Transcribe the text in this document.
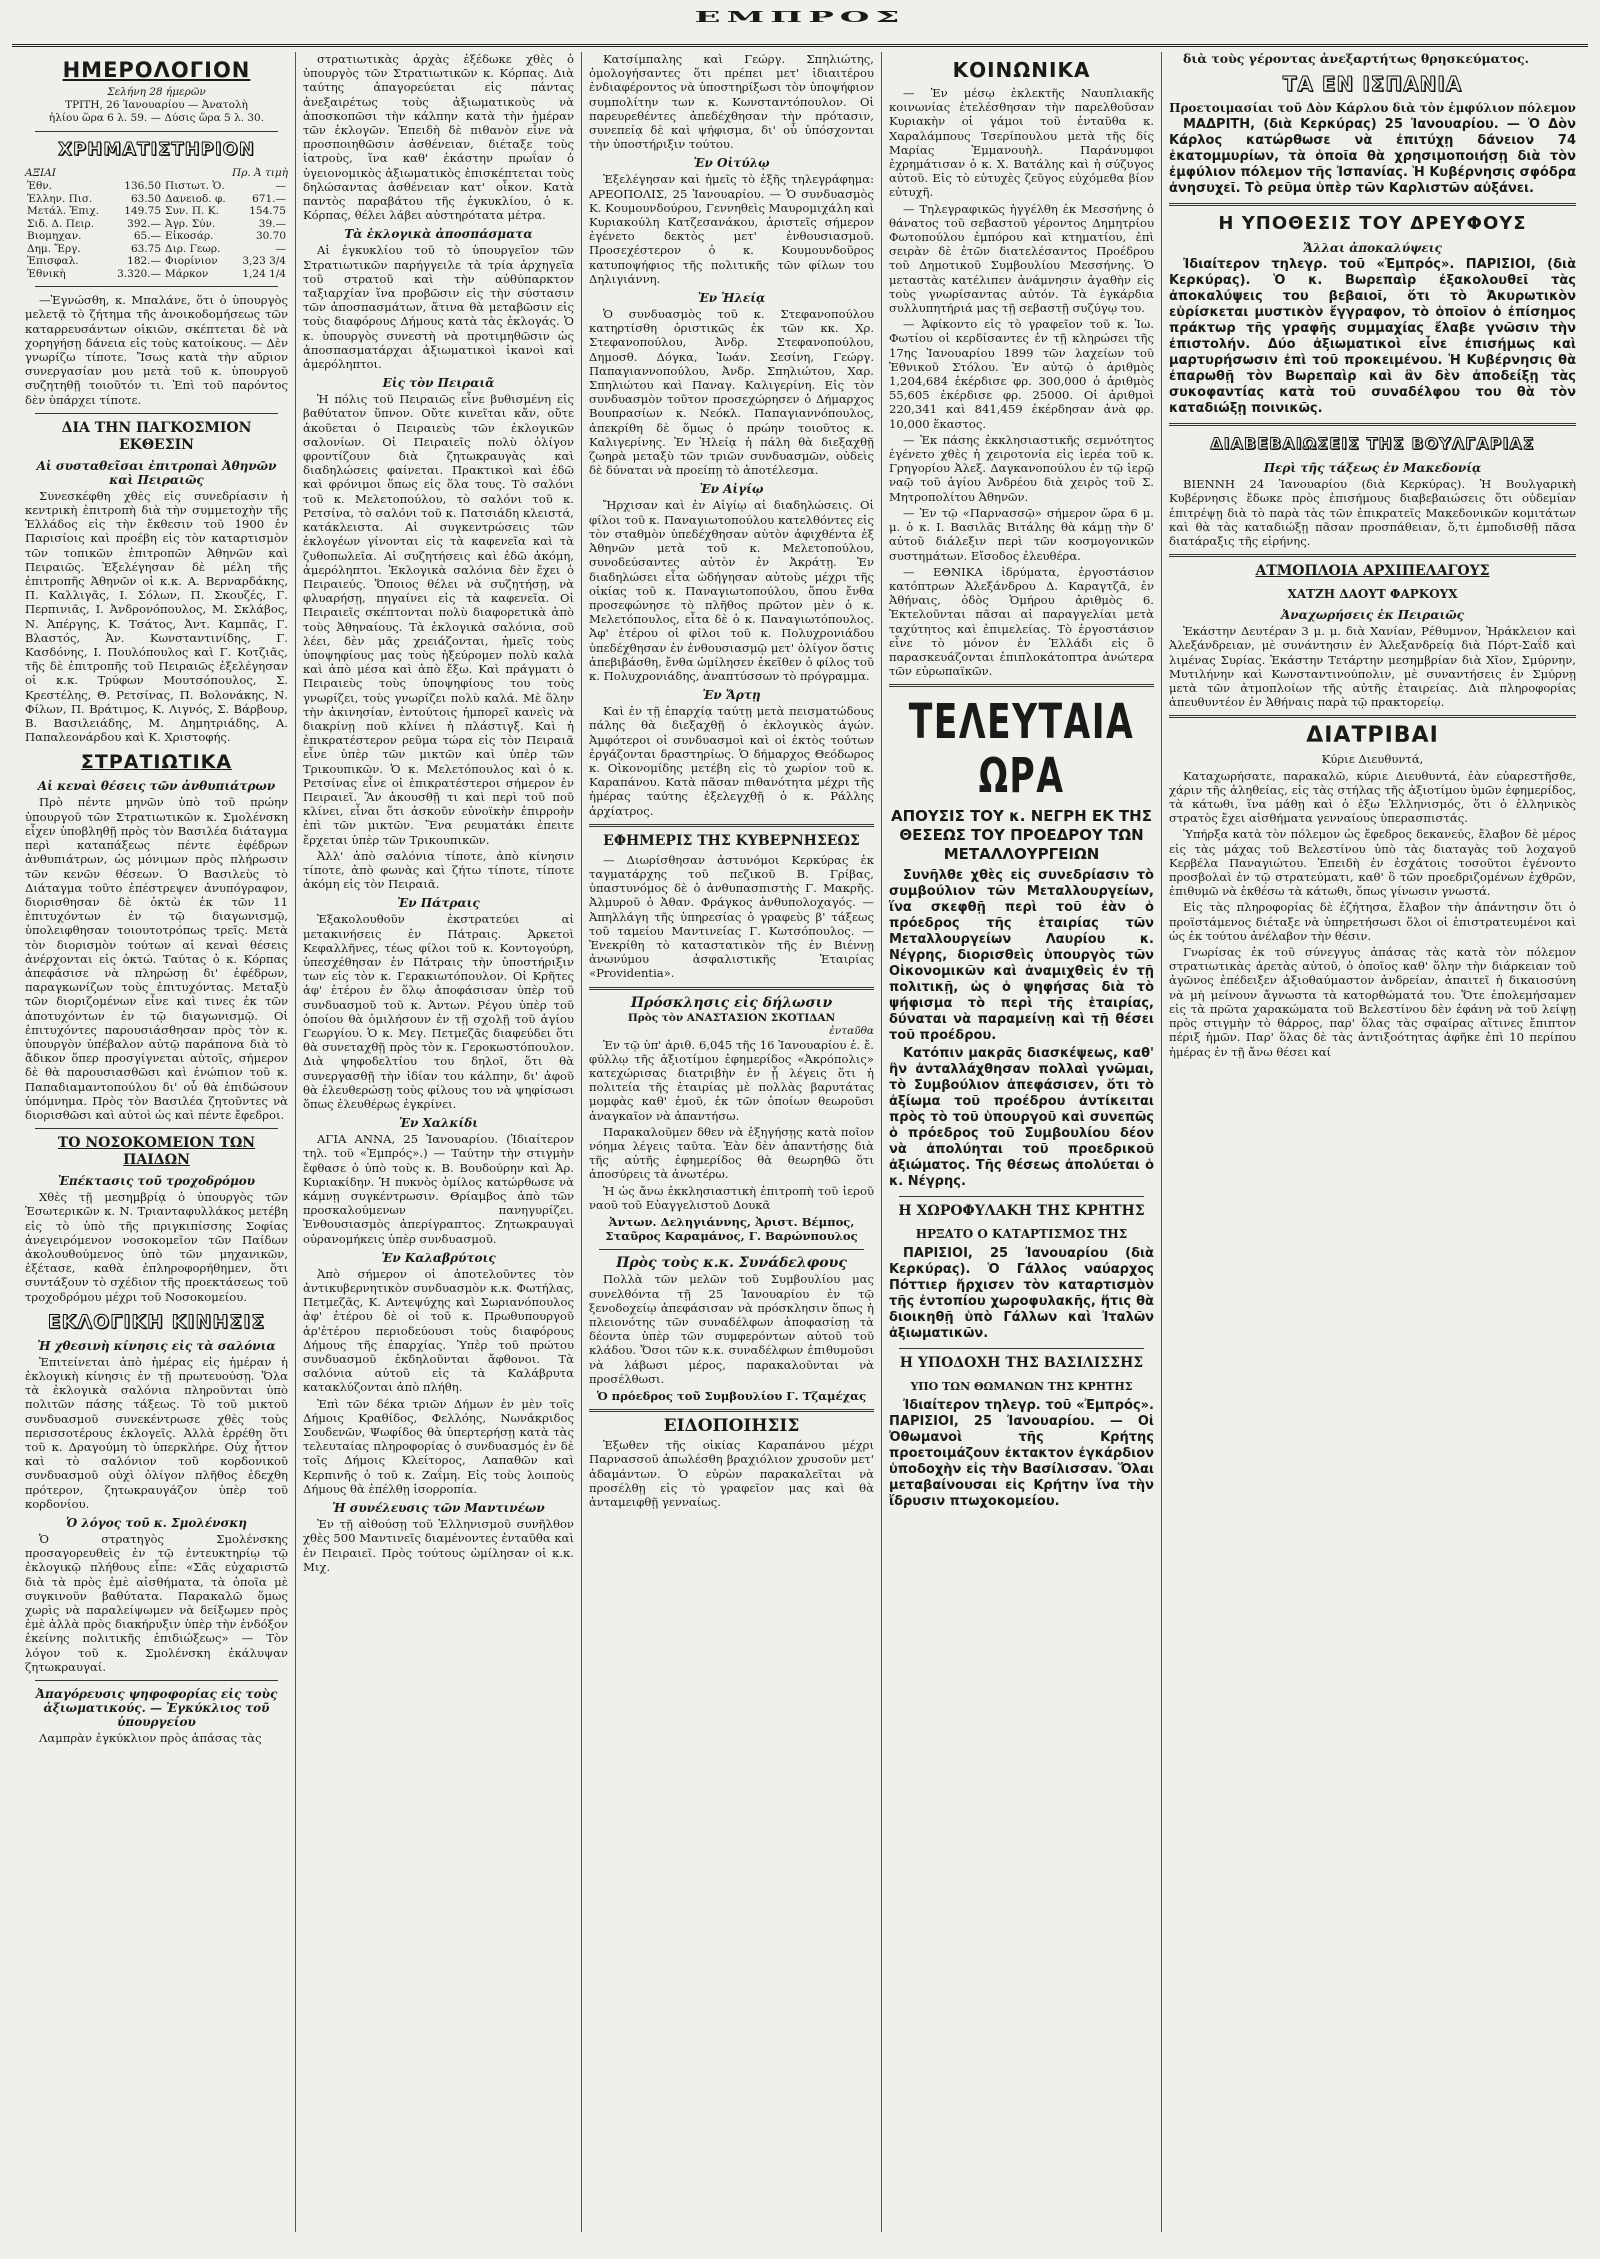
ΕΜΠΡΟΣ
ΗΜΕΡΟΛΟΓΙΟΝ
Σελήνη 28 ήμερῶν
ΤΡΙΤΗ, 26 Ἰανουαρίου — Ἀνατολὴ
ἡλίου ὥρα 6 λ. 59. — Δύσις ὥρα 5 λ. 30.
ΧΡΗΜΑΤΙΣΤΗΡΙΟΝ
ΑΞΙΑΙ	Πρ. Ἀ τιμὴ
Ἐθν.	136.50	Πιστωτ. Ὁ.	—
Ἐλλην. Πισ.	63.50	Δανειοδ. φ.	671.—
Μετάλ. Ἐπιχ.	149.75	Συν. Π. Κ.	154.75
Σιδ. Δ. Πειρ.	392.—	Ἀγρ. Σύν.	39.—
Βιομηχαν.	65.—	Εἰκοσάρ.	30.70
Δημ. Ἔργ.	63.75	Διρ. Γεωρ.	—
Ἐπισφαλ.	182.—	Φιορίνιον	3,23 3/4
Ἐθνικὴ	3.320.—	Μάρκον	1,24 1/4

—Ἐγνώσθη, κ. Μπαλάνε, ὅτι ὁ ὑπουργὸς μελετᾷ τὸ ζήτημα τῆς ἀνοικοδομήσεως τῶν καταρρευσάντων οἰκιῶν, σκέπτεται δὲ νὰ χορηγήσῃ δάνεια εἰς τοὺς κατοίκους. — Δὲν γνωρίζω τίποτε. Ἴσως κατὰ τὴν αὔριον συνεργασίαν μου μετὰ τοῦ κ. ὑπουργοῦ συζητηθῇ τοιοῦτόν τι. Ἐπὶ τοῦ παρόντος δὲν ὑπάρχει τίποτε.

ΔΙΑ ΤΗΝ ΠΑΓΚΟΣΜΙΟΝ ΕΚΘΕΣΙΝ
Αἱ συσταθεῖσαι ἐπιτροπαὶ Ἀθηνῶν καὶ Πειραιῶς

Συνεσκέφθη χθὲς εἰς συνεδρίασιν ἡ κεντρικὴ ἐπιτροπὴ διὰ τὴν συμμετοχὴν τῆς Ἑλλάδος εἰς τὴν ἔκθεσιν τοῦ 1900 ἐν Παρισίοις καὶ προέβη εἰς τὸν καταρτισμὸν τῶν τοπικῶν ἐπιτροπῶν Ἀθηνῶν καὶ Πειραιῶς. Ἐξελέγησαν δὲ μέλη τῆς ἐπιτροπῆς Ἀθηνῶν οἱ κ.κ. Α. Βερναρδάκης, Π. Καλλιγᾶς, Ι. Σόλων, Π. Σκουζές, Γ. Περπινιᾶς, Ι. Ἀνδρονόπουλος, Μ. Σκλάβος, Ν. Ἀπέργης, Κ. Τσάτος, Ἀντ. Καμπᾶς, Γ. Βλαστός, Ἀν. Κωνσταντινίδης, Γ. Κασδόνης, Ι. Πουλόπουλος καὶ Γ. Κοτζιᾶς, τῆς δὲ ἐπιτροπῆς τοῦ Πειραιῶς ἐξελέγησαν οἱ κ.κ. Τρύφων Μουτσόπουλος, Σ. Κρεστέλης, Θ. Ρετσίνας, Π. Βολονάκης, Ν. Φίλων, Π. Βράτιμος, Κ. Λιγνός, Σ. Βάρβουρ, Β. Βασιλειάδης, Μ. Δημητριάδης, Α. Παπαλεονάρδου καὶ Κ. Χριστοφής.

ΣΤΡΑΤΙΩΤΙΚΑ
Αἱ κεναὶ θέσεις τῶν ἀνθυπιάτρων

Πρὸ πέντε μηνῶν ὑπὸ τοῦ πρώην ὑπουργοῦ τῶν Στρατιωτικῶν κ. Σμολένσκη εἶχεν ὑποβληθῇ πρὸς τὸν Βασιλέα διάταγμα περὶ καταπάξεως πέντε ἐφέδρων ἀνθυπιάτρων, ὡς μόνιμων πρὸς πλήρωσιν τῶν κενῶν θέσεων. Ὁ Βασιλεὺς τὸ Διάταγμα τοῦτο ἐπέστρεψεν ἀνυπόγραφον, διορισθησαν δὲ ὀκτὼ ἐκ τῶν 11 ἐπιτυχόντων ἐν τῷ διαγωνισμῷ, ὑπολειφθησαν τοιουτοτρόπως τρεῖς. Μετὰ τὸν διορισμὸν τούτων αἱ κεναὶ θέσεις ἀνέρχονται εἰς ὀκτώ. Ταύτας ὁ κ. Κόρπας ἀπεφάσισε νὰ πληρώσῃ δι' ἐφέδρων, παραγκωνίζων τοὺς ἐπιτυχόντας. Μεταξὺ τῶν διοριζομένων εἶνε καὶ τινες ἐκ τῶν ἀποτυχόντων ἐν τῷ διαγωνισμῷ. Οἱ ἐπιτυχόντες παρουσιάσθησαν πρὸς τὸν κ. ὑπουργὸν ὑπέβαλον αὐτῷ παράπονα διὰ τὸ ἄδικον ὅπερ προσγίγνεται αὐτοῖς, σήμερον δὲ θὰ παρουσιασθῶσι καὶ ἐνώπιον τοῦ κ. Παπαδιαμαντοπούλου δι' οὗ θὰ ἐπιδώσουν ὑπόμνημα. Πρὸς τὸν Βασιλέα ζητοῦντες νὰ διορισθῶσι καὶ αὐτοὶ ὡς καὶ πέντε ἔφεδροι.

ΤΟ ΝΟΣΟΚΟΜΕΙΟΝ ΤΩΝ ΠΑΙΔΩΝ
Ἐπέκτασις τοῦ τροχοδρόμου

Χθὲς τῇ μεσημβρίᾳ ὁ ὑπουργὸς τῶν Ἐσωτερικῶν κ. Ν. Τριανταφυλλάκος μετέβη εἰς τὸ ὑπὸ τῆς πριγκιπίσσης Σοφίας ἀνεγειρόμενον νοσοκομεῖον τῶν Παίδων ἀκολουθούμενος ὑπὸ τῶν μηχανικῶν, ἐξέτασε, καθὰ ἐπληροφορήθημεν, ὅτι συντάξουν τὸ σχέδιον τῆς προεκτάσεως τοῦ τροχοδρόμου μέχρι τοῦ Νοσοκομείου.

ΕΚΛΟΓΙΚΗ ΚΙΝΗΣΙΣ
Ἡ χθεσινὴ κίνησις εἰς τὰ σαλόνια

Ἐπιτείνεται ἀπὸ ἡμέρας εἰς ἡμέραν ἡ ἐκλογικὴ κίνησις ἐν τῇ πρωτευούσῃ. Ὅλα τὰ ἐκλογικὰ σαλόνια πληροῦνται ὑπὸ πολιτῶν πάσης τάξεως. Τὸ τοῦ μικτοῦ συνδυασμοῦ συνεκέντρωσε χθὲς τοὺς περισσοτέρους ἐκλογεῖς. Ἀλλὰ ἐρρέθη ὅτι τοῦ κ. Δραγούμη τὸ ὑπερκλήρε. Οὐχ ἧττον καὶ τὸ σαλόνιον τοῦ κορδονικοῦ συνδυασμοῦ οὐχὶ ὀλίγον πλῆθος ἐδεχθη πρότερον, ζητωκραυγάζον ὑπὲρ τοῦ κορδονίου.

Ὁ λόγος τοῦ κ. Σμολένσκη

Ὁ στρατηγὸς Σμολένσκης προσαγορευθεὶς ἐν τῷ ἐντευκτηρίῳ τῷ ἐκλογικῷ πλήθους εἶπε: «Σᾶς εὐχαριστῶ διὰ τὰ πρὸς ἐμὲ αἰσθήματα, τὰ ὁποῖα μὲ συγκινοῦν βαθύτατα. Παρακαλῶ ὅμως χωρὶς νὰ παραλείψωμεν νὰ δείξωμεν πρὸς ἐμὲ ἀλλὰ πρὸς διακήρυξιν ὑπὲρ τὴν ἐνδόξον ἐκείνης πολιτικῆς ἐπιδιώξεως» — Τὸν λόγον τοῦ κ. Σμολένσκη ἐκάλυψαν ζητωκραυγαί.

Ἀπαγόρευσις ψηφοφορίας εἰς τοὺς ἀξιωματικούς. — Ἐγκύκλιος τοῦ ὑπουργείου

Λαμπρὰν ἐγκύκλιον πρὸς ἁπάσας τὰς

στρατιωτικὰς ἀρχὰς ἐξέδωκε χθὲς ὁ ὑπουργὸς τῶν Στρατιωτικῶν κ. Κόρπας. Διὰ ταύτης ἀπαγορεύεται εἰς πάντας ἀνεξαιρέτως τοὺς ἀξιωματικοὺς νὰ ἀποσκοπῶσι τὴν κάλπην κατὰ τὴν ἡμέραν τῶν ἐκλογῶν. Ἐπειδὴ δὲ πιθανὸν εἶνε νὰ προσποιηθῶσιν ἀσθένειαν, διέταξε τοὺς ἰατροὺς, ἵνα καθ' ἑκάστην πρωΐαν ὁ ὑγειονομικὸς ἀξιωματικὸς ἐπισκέπτεται τοὺς δηλώσαντας ἀσθένειαν κατ' οἶκον. Κατὰ παντὸς παραβάτου τῆς ἐγκυκλίου, ὁ κ. Κόρπας, θέλει λάβει αὐστηρότατα μέτρα.

Τὰ ἐκλογικὰ ἀποσπάσματα

Αἱ ἐγκυκλίου τοῦ τὸ ὑπουργεῖον τῶν Στρατιωτικῶν παρήγγειλε τὰ τρία ἀρχηγεῖα τοῦ στρατοῦ καὶ τὴν αὐθύπαρκτον ταξιαρχίαν ἵνα προβῶσιν εἰς τὴν σύστασιν τῶν ἀποσπασμάτων, ἅτινα θὰ μεταβῶσιν εἰς τοὺς διαφόρους Δήμους κατὰ τὰς ἐκλογάς. Ὁ κ. ὑπουργὸς συνεστὴ νὰ προτιμηθῶσιν ὡς ἀποσπασματάρχαι ἀξιωματικοὶ ἱκανοὶ καὶ ἀμερόληπτοι.

Εἰς τὸν Πειραιᾶ

Ἡ πόλις τοῦ Πειραιῶς εἶνε βυθισμένη εἰς βαθύτατον ὕπνον. Οὔτε κινεῖται κἄν, οὔτε ἀκοῦεται ὁ Πειραιεὺς τῶν ἐκλογικῶν σαλονίων. Οἱ Πειραιεῖς πολὺ ὀλίγον φροντίζουν διὰ ζητωκραυγὰς καὶ διαδηλώσεις φαίνεται. Πρακτικοὶ καὶ ἐδῶ καὶ φρόνιμοι ὅπως εἰς ὅλα τους. Τὸ σαλόνι τοῦ κ. Μελετοπούλου, τὸ σαλόνι τοῦ κ. Ρετσίνα, τὸ σαλόνι τοῦ κ. Πατσιάδη κλειστά, κατάκλειστα. Αἱ συγκεντρώσεις τῶν ἐκλογέων γίνονται εἰς τὰ καφενεῖα καὶ τὰ ζυθοπωλεῖα. Αἱ συζητήσεις καὶ ἐδῶ ἀκόμη, ἀμερόληπτοι. Ἐκλογικὰ σαλόνια δὲν ἔχει ὁ Πειραιεύς. Ὅποιος θέλει νὰ συζητήσῃ, νὰ φλυαρήσῃ, πηγαίνει εἰς τὰ καφενεῖα. Οἱ Πειραιεῖς σκέπτονται πολὺ διαφορετικὰ ἀπὸ τοὺς Ἀθηναίους. Τὰ ἐκλογικὰ σαλόνια, σοῦ λέει, δὲν μᾶς χρειάζονται, ἡμεῖς τοὺς ὑποψηφίους μας τοὺς ἠξεύρομεν πολὺ καλὰ καὶ ἀπὸ μέσα καὶ ἀπὸ ἔξω. Καὶ πράγματι ὁ Πειραιεὺς τοὺς ὑποψηφίους του τοὺς γνωρίζει, τοὺς γνωρίζει πολὺ καλά. Μὲ ὅλην τὴν ἀκινησίαν, ἐντούτοις ἠμπορεῖ κανεὶς νὰ διακρίνῃ ποῦ κλίνει ἡ πλάστιγξ. Καὶ ἡ ἐπικρατέστερον ρεῦμα τώρα εἰς τὸν Πειραιᾶ εἶνε ὑπὲρ τῶν μικτῶν καὶ ὑπὲρ τῶν Τρικουπικῶν. Ὁ κ. Μελετόπουλος καὶ ὁ κ. Ρετσίνας εἶνε οἱ ἐπικρατέστεροι σήμερον ἐν Πειραιεῖ. Ἂν ἀκουσθῇ τι καὶ περὶ τοῦ ποῦ κλίνει, εἶναι ὅτι ἀσκοῦν εὐνοϊκὴν ἐπιρροὴν ἐπὶ τῶν μικτῶν. Ἕνα ρευματάκι ἐπειτε ἔρχεται ὑπὲρ τῶν Τρικουπικῶν.

Ἀλλ' ἀπὸ σαλόνια τίποτε, ἀπὸ κίνησιν τίποτε, ἀπὸ φωνὰς καὶ ζήτω τίποτε, τίποτε ἀκόμη εἰς τὸν Πειραιᾶ.

Ἐν Πάτραις

Ἐξακολουθοῦν ἐκστρατεύει αἱ μετακινήσεις ἐν Πάτραις. Ἀρκετοὶ Κεφαλλῆνες, τέως φίλοι τοῦ κ. Κοντογούρη, ὑπεσχέθησαν ἐν Πάτραις τὴν ὑποστήριξιν των εἰς τὸν κ. Γερακιωτόπουλον. Οἱ Κρῆτες ἀφ' ἑτέρου ἐν ὅλῳ ἀποφάσισαν ὑπὲρ τοῦ συνδυασμοῦ τοῦ κ. Ἀντων. Ρέγου ὑπὲρ τοῦ ὁποίου θὰ ὁμιλήσουν ἐν τῇ σχολῇ τοῦ ἁγίου Γεωργίου. Ὁ κ. Μεγ. Πετμεζᾶς διαφεύδει ὅτι θὰ συνεταχθῇ πρὸς τὸν κ. Γεροκωστόπουλον. Διὰ ψηφοδελτίου του δηλοῖ, ὅτι θὰ συνεργασθῇ τὴν ἰδίαν του κάλπην, δι' ἀφοῦ θὰ ἐλευθερώσῃ τοὺς φίλους του νὰ ψηφίσωσι ὅπως ἐλευθέρως ἐγκρίνει.

Ἐν Χαλκίδι

ΑΓΙΑ ΑΝΝΑ, 25 Ἰανουαρίου. (Ἰδιαίτερον τηλ. τοῦ «Ἐμπρός».) — Ταύτην τὴν στιγμὴν ἔφθασε ὁ ὑπὸ τοὺς κ. Β. Βουδούρην καὶ Ἀρ. Κυριακίδην. Ἡ πυκνὸς ὁμίλος κατώρθωσε νὰ κάμνῃ συγκέντρωσιν. Θρίαμβος ἀπὸ τῶν προσκαλούμενων πανηγυρίζει. Ἐνθουσιασμὸς ἀπερίγραπτος. Ζητωκραυγαὶ οὐρανομήκεις ὑπὲρ συνδυασμοῦ.

Ἐν Καλαβρύτοις

Ἀπὸ σήμερον οἱ ἀποτελοῦντες τὸν ἀντικυβερνητικὸν συνδυασμὸν κ.κ. Φωτήλας, Πετμεζᾶς, Κ. Αντεψύχης καὶ Σωριανόπουλος ἀφ' ἑτέρου δὲ οἱ τοῦ κ. Πρωθυπουργοῦ ἀρ'ἐτέρου περιοδεύουσι τοὺς διαφόρους Δήμους τῆς ἐπαρχίας. Ὑπὲρ τοῦ πρώτου συνδυασμοῦ ἐκδηλοῦνται ἄφθονοι. Τὰ σαλόνια αὐτοῦ εἰς τὰ Καλάβρυτα κατακλύζονται ἀπὸ πλήθη.

Ἐπὶ τῶν δέκα τριῶν Δήμων ἐν μὲν τοῖς Δήμοις Κραθίδος, Φελλόης, Νωνάκριδος Σουδενῶν, Ψωφίδος θὰ ὑπερτερήσῃ κατὰ τὰς τελευταίας πληροφορίας ὁ συνδυασμός ἐν δὲ τοῖς Δήμοις Κλείτορος, Λαπαθῶν καὶ Κερπινῆς ὁ τοῦ κ. Ζαΐμη. Εἰς τοὺς λοιποὺς Δήμους θὰ ἐπέλθῃ ἰσορροπία.

Ἡ συνέλευσις τῶν Μαντινέων

Ἐν τῇ αἰθούσῃ τοῦ Ἑλληνισμοῦ συνῆλθον χθὲς 500 Μαντινεῖς διαμένοντες ἐνταῦθα καὶ ἐν Πειραιεῖ. Πρὸς τούτους ὡμίλησαν οἱ κ.κ. Μιχ.

Κατσίμπαλης καὶ Γεώργ. Σπηλιώτης, ὁμολογήσαντες ὅτι πρέπει μετ' ἰδιαιτέρου ἐνδιαφέροντος νὰ ὑποστηρίξωσι τὸν ὑποψήφιον συμπολίτην των κ. Κωνσταντόπουλον. Οἱ παρευρεθέντες ἀπεδέχθησαν τὴν πρότασιν, συνεπείᾳ δὲ καὶ ψήφισμα, δι' οὗ ὑπόσχονται τὴν ὑποστήριξιν τούτου.

Ἐν Οἰτύλῳ

Ἐξελέγησαν καὶ ἡμεῖς τὸ ἑξῆς τηλεγράφημα: ΑΡΕΟΠΟΛΙΣ, 25 Ἰανουαρίου. — Ὁ συνδυασμὸς Κ. Κουμουνδούρου, Γεννηθεὶς Μαυρομιχάλη καὶ Κυριακούλη Κατζεσανάκου, ἀριστεῖς σήμερον ἐγένετο δεκτὸς μετ' ἐνθουσιασμοῦ. Προσεχέστερον ὁ κ. Κουμουνδοῦρος κατυποψήφιος τῆς πολιτικῆς τῶν φίλων του Δηλιγιάννη.

Ἐν Ἠλείᾳ

Ὁ συνδυασμὸς τοῦ κ. Στεφανοπούλου κατηρτίσθη ὁριστικῶς ἐκ τῶν κκ. Χρ. Στεφανοπούλου, Ἀνδρ. Στεφανοπούλου, Δημοσθ. Δόγκα, Ἰωάν. Σεσίνη, Γεώργ. Παπαγιαννοπούλου, Ἀνδρ. Σπηλιώτου, Χαρ. Σπηλιώτου καὶ Παναγ. Καλιγερίνη. Εἰς τὸν συνδυασμὸν τοῦτον προσεχώρησεν ὁ Δήμαρχος Βουπρασίων κ. Νεόκλ. Παπαγιαννόπουλος, ἀπεκρίθη δὲ ὅμως ὁ πρώην τοιοῦτος κ. Καλιγερίνης. Ἐν Ἠλείᾳ ἡ πάλη θὰ διεξαχθῇ ζωηρὰ μεταξὺ τῶν τριῶν συνδυασμῶν, οὐδεὶς δὲ δύναται νὰ προείπῃ τὸ ἀποτέλεσμα.

Ἐν Αἰγίῳ

Ἤρχισαν καὶ ἐν Αἰγίῳ αἱ διαδηλώσεις. Οἱ φίλοι τοῦ κ. Παναγιωτοπούλου κατελθόντες εἰς τὸν σταθμὸν ὑπεδέχθησαν αὐτὸν ἀφιχθέντα ἐξ Ἀθηνῶν μετὰ τοῦ κ. Μελετοπούλου, συνοδεύσαντες αὐτὸν ἐν Ἀκράτῃ. Ἐν διαδηλώσει εἶτα ὡδήγησαν αὐτοὺς μέχρι τῆς οἰκίας τοῦ κ. Παναγιωτοπούλου, ὅπου ἔνθα προσεφώνησε τὸ πλῆθος πρῶτον μὲν ὁ κ. Μελετόπουλος, εἶτα δὲ ὁ κ. Παναγιωτόπουλος. Ἀφ' ἑτέρου οἱ φίλοι τοῦ κ. Πολυχρονιάδου ὑπεδέχθησαν ἐν ἐνθουσιασμῷ μετ' ὀλίγον ὅστις ἀπεβιβάσθη, ἔνθα ὡμίλησεν ἐκεῖθεν ὁ φίλος τοῦ κ. Πολυχρονιάδης, ἀναπτύσσων τὸ πρόγραμμα.

Ἐν Ἄρτῃ

Καὶ ἐν τῇ ἐπαρχίᾳ ταύτῃ μετὰ πεισματώδους πάλης θὰ διεξαχθῇ ὁ ἐκλογικὸς ἀγών. Ἀμφότεροι οἱ συνδυασμοὶ καὶ οἱ ἐκτὸς τούτων ἐργάζονται δραστηρίως. Ὁ δήμαρχος Θεόδωρος κ. Οἰκονομίδης μετέβη εἰς τὸ χωρίον τοῦ κ. Καραπάνου. Κατὰ πᾶσαν πιθανότητα μέχρι τῆς ἡμέρας ταύτης ἐξελεγχθῇ ὁ κ. Ράλλης ἀρχίατρος.

ΕΦΗΜΕΡΙΣ ΤΗΣ ΚΥΒΕΡΝΗΣΕΩΣ

— Διωρίσθησαν ἀστυνόμοι Κερκύρας ἐκ ταγματάρχης τοῦ πεζικοῦ Β. Γρίβας, ὑπαστυνόμος δὲ ὁ ἀνθυπασπιστὴς Γ. Μακρῆς. Ἀλμυροῦ ὁ Ἀθαν. Φράγκος ἀνθυπολοχαγός. — Ἀπηλλάγη τῆς ὑπηρεσίας ὁ γραφεὺς β' τάξεως τοῦ ταμείου Μαντινείας Γ. Κωτσόπουλος. — Ἐνεκρίθη τὸ καταστατικὸν τῆς ἐν Βιέννῃ ἀνωνύμου ἀσφαλιστικῆς Ἑταιρίας «Providentia».

Πρόσκλησις εἰς δήλωσιν
Πρὸς τὸν ΑΝΑΣΤΑΣΙΟΝ ΣΚΟΤΙΔΑΝ
ἐνταῦθα

Ἐν τῷ ὑπ' ἀριθ. 6,045 τῆς 16 Ἰανουαρίου ἐ. ἔ. φύλλῳ τῆς ἀξιοτίμου ἐφημερίδος «Ἀκρόπολις» κατεχώρισας διατριβὴν ἐν ᾗ λέγεις ὅτι ἡ πολιτεία τῆς ἑταιρίας μὲ πολλὰς βαρυτάτας μομφὰς καθ' ἐμοῦ, ἐκ τῶν ὁποίων θεωροῦσι ἀναγκαῖον νὰ ἀπαντήσω.

Παρακαλοῦμεν δθεν νὰ ἐξηγήσῃς κατὰ ποῖον νόημα λέγεις ταῦτα. Ἐὰν δὲν ἀπαντήσῃς διὰ τῆς αὐτῆς ἐφημερίδος θὰ θεωρηθῶ ὅτι ἀποσύρεις τὰ ἀνωτέρω.

Ἡ ὡς ἄνω ἐκκλησιαστικὴ ἐπιτροπὴ τοῦ ἱεροῦ ναοῦ τοῦ Εὐαγγελιστοῦ Δουκᾶ

Ἀντων. Δεληγιάννης, Ἀριστ. Βέμπος, Σταῦρος Καραμάνος, Γ. Βαρώνπουλος
Πρὸς τοὺς κ.κ. Συνάδελφους

Πολλὰ τῶν μελῶν τοῦ Συμβουλίου μας συνελθόντα τῇ 25 Ἰανουαρίου ἐν τῷ ξενοδοχείῳ ἀπεφάσισαν νὰ πρόσκλησιν ὅπως ἡ πλειονότης τῶν συναδέλφων ἀποφασίσῃ τὰ δέοντα ὑπὲρ τῶν συμφερόντων αὐτοῦ τοῦ κλάδου. Ὅσοι τῶν κ.κ. συναδέλφων ἐπιθυμοῦσι νὰ λάβωσι μέρος, παρακαλοῦνται νὰ προσέλθωσι.

Ὁ πρόεδρος τοῦ Συμβουλίου Γ. Τζαμέχας
ΕΙΔΟΠΟΙΗΣΙΣ

Ἐξωθεν τῆς οἰκίας Καραπάνου μέχρι Παρνασσοῦ ἀπωλέσθη βραχιόλιον χρυσοῦν μετ' ἀδαμάντων. Ὁ εὑρὼν παρακαλεῖται νὰ προσέλθῃ εἰς τὸ γραφεῖον μας καὶ θὰ ἀνταμειφθῇ γενναίως.

ΚΟΙΝΩΝΙΚΑ

— Ἐν μέσῳ ἐκλεκτῆς Ναυπλιακῆς κοινωνίας ἐτελέσθησαν τὴν παρελθοῦσαν Κυριακὴν οἱ γάμοι τοῦ ἐνταῦθα κ. Χαραλάμπους Τσερίπουλου μετὰ τῆς δίς Μαρίας Ἐμμανουὴλ. Παράνυμφοι ἐχρημάτισαν ὁ κ. Χ. Βατάλης καὶ ἡ σύζυγος αὐτοῦ. Εἰς τὸ εὐτυχὲς ζεῦγος εὐχόμεθα βίον εὐτυχῆ.

— Τηλεγραφικῶς ἠγγέλθη ἐκ Μεσσήνης ὁ θάνατος τοῦ σεβαστοῦ γέροντος Δημητρίου Φωτοπούλου ἐμπόρου καὶ κτηματίου, ἐπὶ σειρὰν δὲ ἐτῶν διατελέσαντος Προέδρου τοῦ Δημοτικοῦ Συμβουλίου Μεσσήνης. Ὁ μεταστὰς κατέλιπεν ἀνάμνησιν ἀγαθὴν εἰς τοὺς γνωρίσαντας αὐτόν. Τὰ ἐγκάρδια συλλυπητήριά μας τῇ σεβαστῇ συζύγῳ του.

— Ἀφίκοντο εἰς τὸ γραφεῖον τοῦ κ. Ἰω. Φωτίου οἱ κερδίσαντες ἐν τῇ κληρώσει τῆς 17ης Ἰανουαρίου 1899 τῶν λαχείων τοῦ Ἐθνικοῦ Στόλου. Ἐν αὐτῷ ὁ ἀριθμὸς 1,204,684 ἐκέρδισε φρ. 300,000 ὁ ἀριθμὸς 55,605 ἐκέρδισε φρ. 25000. Οἱ ἀριθμοὶ 220,341 καὶ 841,459 ἐκέρδησαν ἀνὰ φρ. 10,000 ἕκαστος.

— Ἐκ πάσης ἐκκλησιαστικῆς σεμνότητος ἐγένετο χθὲς ἡ χειροτονία εἰς ἱερέα τοῦ κ. Γρηγορίου Ἀλεξ. Δαγκανοπούλου ἐν τῷ ἱερῷ ναῷ τοῦ ἁγίου Ἀνδρέου διὰ χειρὸς τοῦ Σ. Μητροπολίτου Ἀθηνῶν.

— Ἐν τῷ «Παρνασσῷ» σήμερον ὥρα 6 μ. μ. ὁ κ. Ι. Βασιλᾶς Βιτάλης θὰ κάμῃ τὴν δ' αὐτοῦ διάλεξιν περὶ τῶν κοσμογονικῶν συστημάτων. Εἴσοδος ἐλευθέρα.

— ΕΘΝΙΚΑ ἰδρύματα, ἐργοστάσιον κατόπτρων Ἀλεξάνδρου Δ. Καραγτζᾶ, ἐν Ἀθήναις, ὁδὸς Ὁμήρου ἀριθμὸς 6. Ἐκτελοῦνται πᾶσαι αἱ παραγγελίαι μετὰ ταχύτητος καὶ ἐπιμελείας. Τὸ ἐργοστάσιον εἶνε τὸ μόνον ἐν Ἑλλάδι εἰς ὃ παρασκευάζονται ἐπιπλοκάτοπτρα ἀνώτερα τῶν εὐρωπαϊκῶν.

ΤΕΛΕΥΤΑΙΑ ΩΡΑ
ΑΠΟΥΣΙΣ ΤΟΥ κ. ΝΕΓΡΗ ΕΚ ΤΗΣ ΘΕΣΕΩΣ ΤΟΥ ΠΡΟΕΔΡΟΥ ΤΩΝ ΜΕΤΑΛΛΟΥΡΓΕΙΩΝ

Συνῆλθε χθὲς εἰς συνεδρίασιν τὸ συμβούλιον τῶν Μεταλλουργείων, ἵνα σκεφθῇ περὶ τοῦ ἐὰν ὁ πρόεδρος τῆς ἑταιρίας τῶν Μεταλλουργείων Λαυρίου κ. Νέγρης, διορισθεὶς ὑπουργὸς τῶν Οἰκονομικῶν καὶ ἀναμιχθεὶς ἐν τῇ πολιτικῇ, ὡς ὁ ψηφήσας διὰ τὸ ψήφισμα τὸ περὶ τῆς ἑταιρίας, δύναται νὰ παραμείνῃ καὶ τῇ θέσει τοῦ προέδρου.

Κατόπιν μακρᾶς διασκέψεως, καθ' ἣν ἀνταλλάχθησαν πολλαὶ γνῶμαι, τὸ Συμβούλιον ἀπεφάσισεν, ὅτι τὸ ἀξίωμα τοῦ προέδρου ἀντίκειται πρὸς τὸ τοῦ ὑπουργοῦ καὶ συνεπῶς ὁ πρόεδρος τοῦ Συμβουλίου δέον νὰ ἀπολύηται τοῦ προεδρικοῦ ἀξιώματος. Τῆς θέσεως ἀπολύεται ὁ κ. Νέγρης.

Η ΧΩΡΟΦΥΛΑΚΗ ΤΗΣ ΚΡΗΤΗΣ
ΗΡΞΑΤΟ Ο ΚΑΤΑΡΤΙΣΜΟΣ ΤΗΣ

ΠΑΡΙΣΙΟΙ, 25 Ἰανουαρίου (διὰ Κερκύρας). Ὁ Γάλλος ναύαρχος Πόττιερ ἤρχισεν τὸν καταρτισμὸν τῆς ἐντοπίου χωροφυλακῆς, ἥτις θὰ διοικηθῇ ὑπὸ Γάλλων καὶ Ἰταλῶν ἀξιωματικῶν.

Η ΥΠΟΔΟΧΗ ΤΗΣ ΒΑΣΙΛΙΣΣΗΣ
ΥΠΟ ΤΩΝ ΘΩΜΑΝΩΝ ΤΗΣ ΚΡΗΤΗΣ

Ἰδιαίτερον τηλεγρ. τοῦ «Ἐμπρός». ΠΑΡΙΣΙΟΙ, 25 Ἰανουαρίου. — Οἱ Ὀθωμανοὶ τῆς Κρήτης προετοιμάζουν ἐκτακτον ἐγκάρδιον ὑποδοχὴν εἰς τὴν Βασίλισσαν. Ὅλαι μεταβαίνουσαι εἰς Κρήτην ἵνα τὴν ἴδρυσιν πτωχοκομείου.

διὰ τοὺς γέροντας ἀνεξαρτήτως θρησκεύματος.

ΤΑ ΕΝ ΙΣΠΑΝΙΑ
Προετοιμασίαι τοῦ Δὸν Κάρλου διὰ τὸν ἐμφύλιον πόλεμον

ΜΑΔΡΙΤΗ, (διὰ Κερκύρας) 25 Ἰανουαρίου. — Ὁ Δὸν Κάρλος κατώρθωσε νὰ ἐπιτύχῃ δάνειον 74 ἑκατομμυρίων, τὰ ὁποῖα θὰ χρησιμοποιήσῃ διὰ τὸν ἐμφύλιον πόλεμον τῆς Ἰσπανίας. Ἡ Κυβέρνησις σφόδρα ἀνησυχεῖ. Τὸ ρεῦμα ὑπὲρ τῶν Καρλιστῶν αὐξάνει.

Η ΥΠΟΘΕΣΙΣ ΤΟΥ ΔΡΕΥΦΟΥΣ
Ἄλλαι ἀποκαλύψεις

Ἰδιαίτερον τηλεγρ. τοῦ «Ἐμπρός». ΠΑΡΙΣΙΟΙ, (διὰ Κερκύρας). Ὁ κ. Βωρεπαὶρ ἐξακολουθεῖ τὰς ἀποκαλύψεις του βεβαιοῖ, ὅτι τὸ Ἀκυρωτικὸν εὑρίσκεται μυστικὸν ἔγγραφον, τὸ ὁποῖον ὁ ἐπίσημος πράκτωρ τῆς γραφῆς συμμαχίας ἔλαβε γνῶσιν τὴν ἐπιστολήν. Δύο ἀξιωματικοὶ εἶνε ἐπισήμως καὶ μαρτυρήσωσιν ἐπὶ τοῦ προκειμένου. Ἡ Κυβέρνησις θὰ ἐπαρωθῇ τὸν Βωρεπαὶρ καὶ ἂν δὲν ἀποδείξῃ τὰς συκοφαντίας κατὰ τοῦ συναδέλφου του θὰ τὸν καταδιώξῃ ποινικῶς.

ΔΙΑΒΕΒΑΙΩΣΕΙΣ ΤΗΣ ΒΟΥΛΓΑΡΙΑΣ
Περὶ τῆς τάξεως ἐν Μακεδονίᾳ

ΒΙΕΝΝΗ 24 Ἰανουαρίου (διὰ Κερκύρας). Ἡ Βουλγαρικὴ Κυβέρνησις ἔδωκε πρὸς ἐπισήμους διαβεβαιώσεις ὅτι οὐδεμίαν ἐπιτρέψῃ διὰ τὸ παρὰ τὰς τῶν ἐπικρατεῖς Μακεδονικῶν κομιτάτων καὶ θὰ τὰς καταδιώξῃ πᾶσαν προσπάθειαν, ὅ,τι ἐμποδισθῇ πᾶσα διατάραξις τῆς εἰρήνης.

ΑΤΜΟΠΛΟΙΑ ΑΡΧΙΠΕΛΑΓΟΥΣ
ΧΑΤΖΗ ΔΑΟΥΤ ΦΑΡΚΟΥΧ
Ἀναχωρήσεις ἐκ Πειραιῶς

Ἑκάστην Δευτέραν 3 μ. μ. διὰ Χανίαν, Ρέθυμνον, Ἡράκλειον καὶ Ἀλεξάνδρειαν, μὲ συνάντησιν ἐν Ἀλεξανδρείᾳ διὰ Πόρτ-Σαΐδ καὶ λιμένας Συρίας. Ἑκάστην Τετάρτην μεσημβρίαν διὰ Χῖον, Σμύρνην, Μυτιλήνην καὶ Κωνσταντινούπολιν, μὲ συναντήσεις ἐν Σμύρνῃ μετὰ τῶν ἀτμοπλοίων τῆς αὐτῆς ἑταιρείας. Διὰ πληροφορίας ἀπευθυντέον ἐν Ἀθήναις παρὰ τῷ πρακτορείῳ.

ΔΙΑΤΡΙΒΑΙ

Κύριε Διευθυντά,

Καταχωρήσατε, παρακαλῶ, κύριε Διευθυντά, ἐὰν εὐαρεστῆσθε, χάριν τῆς ἀληθείας, εἰς τὰς στήλας τῆς ἀξιοτίμου ὑμῶν ἐφημερίδος, τὰ κάτωθι, ἵνα μάθῃ καὶ ὁ ἐξω Ἑλληνισμός, ὅτι ὁ ἑλληνικὸς στρατὸς ἔχει αἰσθήματα γενναίους ὑπερασπιστάς.

Ὑπήρξα κατὰ τὸν πόλεμον ὡς ἔφεδρος δεκανεύς, ἔλαβον δὲ μέρος εἰς τὰς μάχας τοῦ Βελεστίνου ὑπὸ τὰς διαταγὰς τοῦ λοχαγοῦ Κερβέλα Παναγιώτου. Ἐπειδὴ ἐν ἐσχάτοις τοσοῦτοι ἐγένοντο προσβολαὶ ἐν τῷ στρατεύματι, καθ' ὃ τῶν προεδριζομένων ἐχθρῶν, ἐπιθυμῶ νὰ ἐκθέσω τὰ κάτωθι, ὅπως γίνωσιν γνωστά.

Εἰς τὰς πληροφορίας δὲ ἐζήτησα, ἔλαβον τὴν ἀπάντησιν ὅτι ὁ προϊστάμενος διέταξε νὰ ὑπηρετήσωσι ὅλοι οἱ ἐπιστρατευμένοι καὶ ὡς ἐκ τούτου ἀνέλαβον τὴν θέσιν.

Γνωρίσας ἐκ τοῦ σύνεγγυς ἀπάσας τὰς κατὰ τὸν πόλεμον στρατιωτικὰς ἀρετὰς αὐτοῦ, ὁ ὁποῖος καθ' ὅλην τὴν διάρκειαν τοῦ ἀγῶνος ἐπέδειξεν ἀξιοθαύμαστον ἀνδρείαν, ἀπαιτεῖ ἡ δικαιοσύνη νὰ μὴ μείνουν ἄγνωστα τὰ κατορθώματά του. Ὅτε ἐπολεμήσαμεν εἰς τὰ πρῶτα χαρακώματα τοῦ Βελεστίνου δὲν ἐφάνη νὰ τοῦ λείψῃ πρὸς στιγμὴν τὸ θάρρος, παρ' ὅλας τὰς σφαίρας αἵτινες ἔπιπτον πέριξ ἡμῶν. Παρ' ὅλας δὲ τὰς ἀντιξοότητας ἀφῆκε ἐπὶ 10 περίπου ἡμέρας ἐν τῇ ἄνω θέσει καί
